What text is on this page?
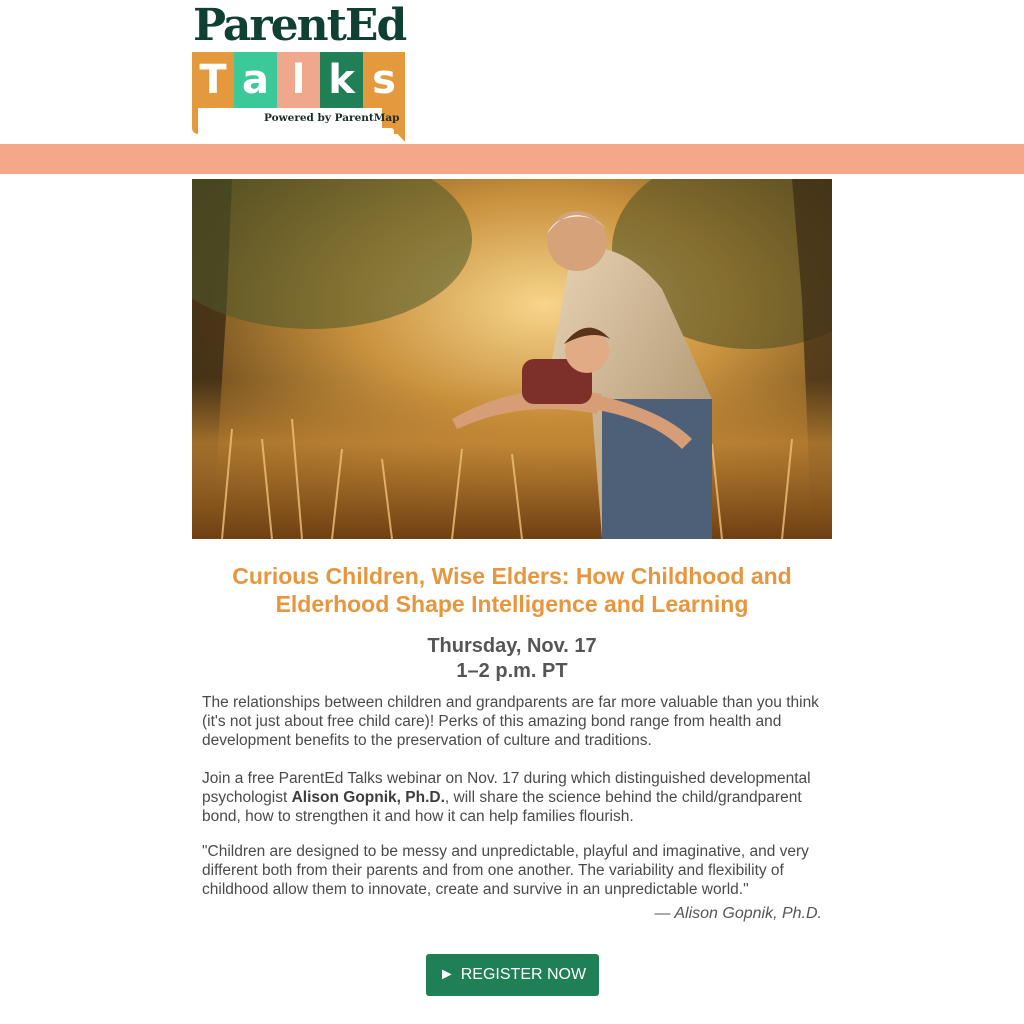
ParentEd
T a l k s
Powered by ParentMap
Curious Children, Wise Elders: How Childhood and Elderhood Shape Intelligence and Learning
Thursday, Nov. 17
1–2 p.m. PT
The relationships between children and grandparents are far more valuable than you think (it's not just about free child care)! Perks of this amazing bond range from health and development benefits to the preservation of culture and traditions.
Join a free ParentEd Talks webinar on Nov. 17 during which distinguished developmental psychologist Alison Gopnik, Ph.D., will share the science behind the child/grandparent bond, how to strengthen it and how it can help families flourish.
"Children are designed to be messy and unpredictable, playful and imaginative, and very different both from their parents and from one another. The variability and flexibility of childhood allow them to innovate, create and survive in an unpredictable world."
— Alison Gopnik, Ph.D.
► REGISTER NOW
